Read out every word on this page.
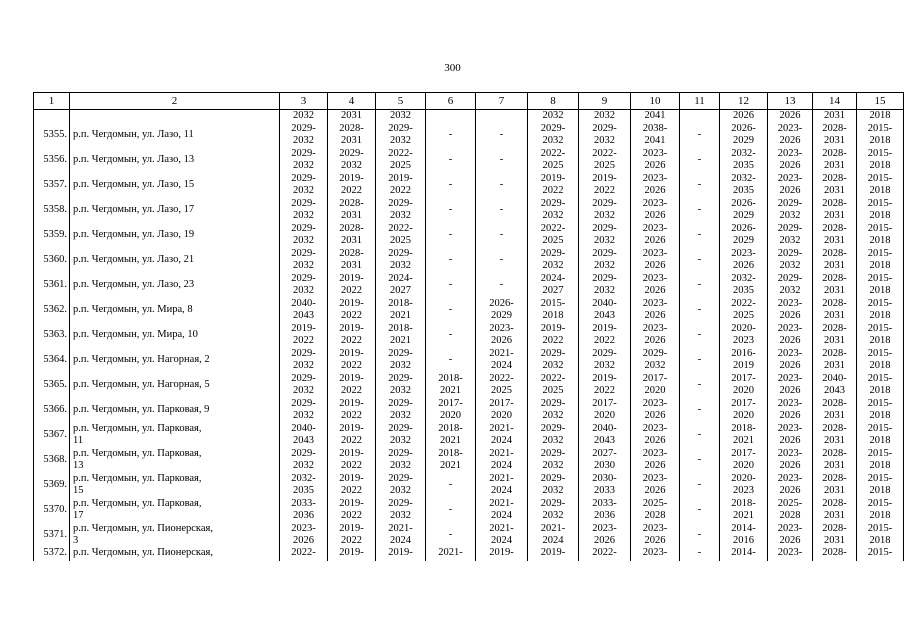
300
1	2	3	4	5	6	7	8	9	10	11	12	13	14	15
		2032	2031	2032			2032	2032	2041		2026	2026	2031	2018
5355.	р.п. Чегдомын, ул. Лазо, 11	2029-
2032	2028-
2031	2029-
2032	-	-	2029-
2032	2029-
2032	2038-
2041	-	2026-
2029	2023-
2026	2028-
2031	2015-
2018

5356.	р.п. Чегдомын, ул. Лазо, 13	2029-
2032	2029-
2032	2022-
2025	-	-	2022-
2025	2022-
2025	2023-
2026	-	2032-
2035	2023-
2026	2028-
2031	2015-
2018

5357.	р.п. Чегдомын, ул. Лазо, 15	2029-
2032	2019-
2022	2019-
2022	-	-	2019-
2022	2019-
2022	2023-
2026	-	2032-
2035	2023-
2026	2028-
2031	2015-
2018

5358.	р.п. Чегдомын, ул. Лазо, 17	2029-
2032	2028-
2031	2029-
2032	-	-	2029-
2032	2029-
2032	2023-
2026	-	2026-
2029	2029-
2032	2028-
2031	2015-
2018

5359.	р.п. Чегдомын, ул. Лазо, 19	2029-
2032	2028-
2031	2022-
2025	-	-	2022-
2025	2029-
2032	2023-
2026	-	2026-
2029	2029-
2032	2028-
2031	2015-
2018

5360.	р.п. Чегдомын, ул. Лазо, 21	2029-
2032	2028-
2031	2029-
2032	-	-	2029-
2032	2029-
2032	2023-
2026	-	2023-
2026	2029-
2032	2028-
2031	2015-
2018

5361.	р.п. Чегдомын, ул. Лазо, 23	2029-
2032	2019-
2022	2024-
2027	-	-	2024-
2027	2029-
2032	2023-
2026	-	2032-
2035	2029-
2032	2028-
2031	2015-
2018

5362.	р.п. Чегдомын, ул. Мира, 8	2040-
2043	2019-
2022	2018-
2021	-	2026-
2029	2015-
2018	2040-
2043	2023-
2026	-	2022-
2025	2023-
2026	2028-
2031	2015-
2018

5363.	р.п. Чегдомын, ул. Мира, 10	2019-
2022	2019-
2022	2018-
2021	-	2023-
2026	2019-
2022	2019-
2022	2023-
2026	-	2020-
2023	2023-
2026	2028-
2031	2015-
2018

5364.	р.п. Чегдомын, ул. Нагорная, 2	2029-
2032	2019-
2022	2029-
2032	-	2021-
2024	2029-
2032	2029-
2032	2029-
2032	-	2016-
2019	2023-
2026	2028-
2031	2015-
2018

5365.	р.п. Чегдомын, ул. Нагорная, 5	2029-
2032	2019-
2022	2029-
2032	2018-
2021	2022-
2025	2022-
2025	2019-
2022	2017-
2020	-	2017-
2020	2023-
2026	2040-
2043	2015-
2018

5366.	р.п. Чегдомын, ул. Парковая, 9	2029-
2032	2019-
2022	2029-
2032	2017-
2020	2017-
2020	2029-
2032	2017-
2020	2023-
2026	-	2017-
2020	2023-
2026	2028-
2031	2015-
2018

5367.	р.п. Чегдомын, ул. Парковая,
11	2040-
2043	2019-
2022	2029-
2032	2018-
2021	2021-
2024	2029-
2032	2040-
2043	2023-
2026	-	2018-
2021	2023-
2026	2028-
2031	2015-
2018

5368.	р.п. Чегдомын, ул. Парковая,
13	2029-
2032	2019-
2022	2029-
2032	2018-
2021	2021-
2024	2029-
2032	2027-
2030	2023-
2026	-	2017-
2020	2023-
2026	2028-
2031	2015-
2018

5369.	р.п. Чегдомын, ул. Парковая,
15	2032-
2035	2019-
2022	2029-
2032	-	2021-
2024	2029-
2032	2030-
2033	2023-
2026	-	2020-
2023	2023-
2026	2028-
2031	2015-
2018

5370.	р.п. Чегдомын, ул. Парковая,
17	2033-
2036	2019-
2022	2029-
2032	-	2021-
2024	2029-
2032	2033-
2036	2025-
2028	-	2018-
2021	2025-
2028	2028-
2031	2015-
2018

5371.	р.п. Чегдомын, ул. Пионерская,
3	2023-
2026	2019-
2022	2021-
2024	-	2021-
2024	2021-
2024	2023-
2026	2023-
2026	-	2014-
2016	2023-
2026	2028-
2031	2015-
2018

5372.	р.п. Чегдомын, ул. Пионерская,	2022-	2019-	2019-	2021-	2019-	2019-	2022-	2023-	-	2014-	2023-	2028-	2015-
